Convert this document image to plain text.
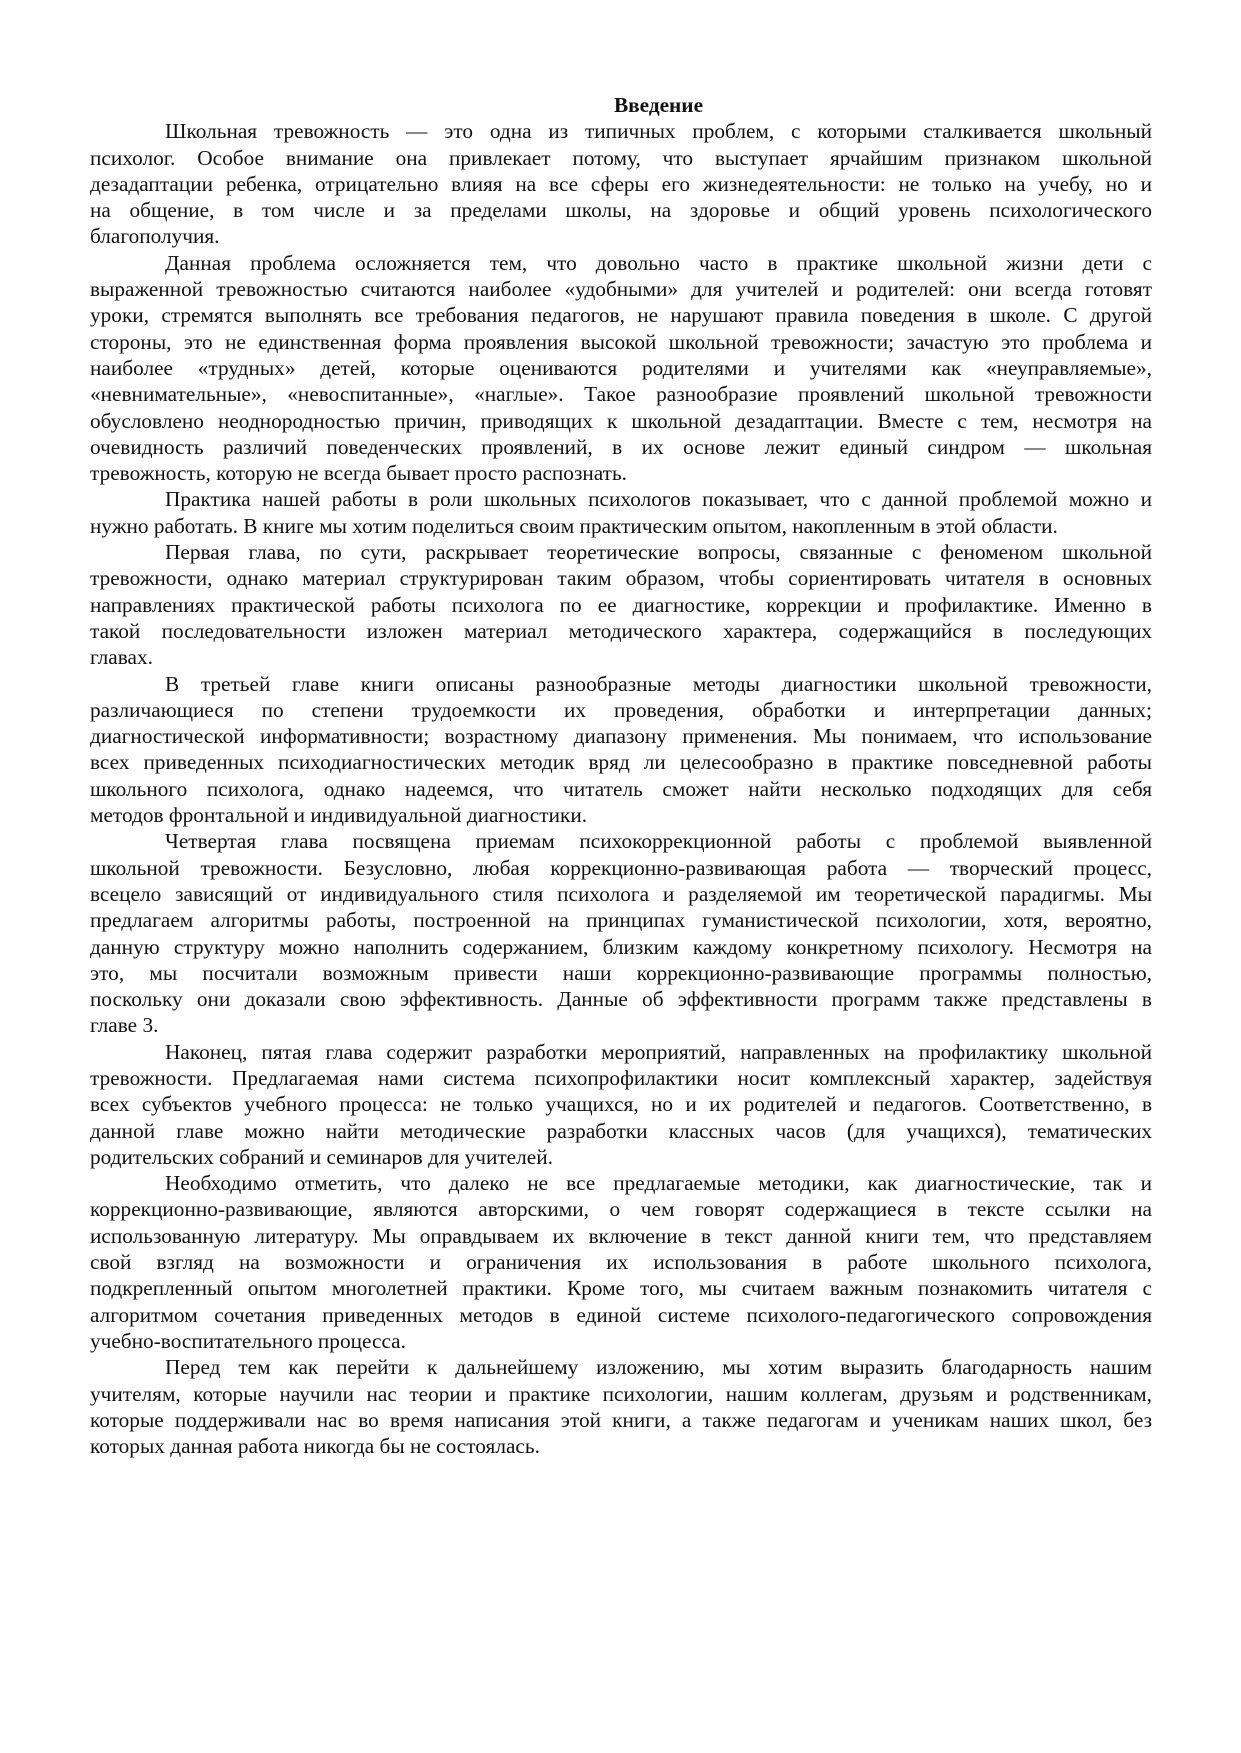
Введение
Школьная тревожность — это одна из типичных проблем, с которыми сталкивается школьный
психолог. Особое внимание она привлекает потому, что выступает ярчайшим признаком школьной
дезадаптации ребенка, отрицательно влияя на все сферы его жизнедеятельности: не только на учебу, но и
на общение, в том числе и за пределами школы, на здоровье и общий уровень психологического
благополучия.
Данная проблема осложняется тем, что довольно часто в практике школьной жизни дети с
выраженной тревожностью считаются наиболее «удобными» для учителей и родителей: они всегда готовят
уроки, стремятся выполнять все требования педагогов, не нарушают правила поведения в школе. С другой
стороны, это не единственная форма проявления высокой школьной тревожности; зачастую это проблема и
наиболее «трудных» детей, которые оцениваются родителями и учителями как «неуправляемые»,
«невнимательные», «невоспитанные», «наглые». Такое разнообразие проявлений школьной тревожности
обусловлено неоднородностью причин, приводящих к школьной дезадаптации. Вместе с тем, несмотря на
очевидность различий поведенческих проявлений, в их основе лежит единый синдром — школьная
тревожность, которую не всегда бывает просто распознать.
Практика нашей работы в роли школьных психологов показывает, что с данной проблемой можно и
нужно работать. В книге мы хотим поделиться своим практическим опытом, накопленным в этой области.
Первая глава, по сути, раскрывает теоретические вопросы, связанные с феноменом школьной
тревожности, однако материал структурирован таким образом, чтобы сориентировать читателя в основных
направлениях практической работы психолога по ее диагностике, коррекции и профилактике. Именно в
такой последовательности изложен материал методического характера, содержащийся в последующих
главах.
В третьей главе книги описаны разнообразные методы диагностики школьной тревожности,
различающиеся по степени трудоемкости их проведения, обработки и интерпретации данных;
диагностической информативности; возрастному диапазону применения. Мы понимаем, что использование
всех приведенных психодиагностических методик вряд ли целесообразно в практике повседневной работы
школьного психолога, однако надеемся, что читатель сможет найти несколько подходящих для себя
методов фронтальной и индивидуальной диагностики.
Четвертая глава посвящена приемам психокоррекционной работы с проблемой выявленной
школьной тревожности. Безусловно, любая коррекционно-развивающая работа — творческий процесс,
всецело зависящий от индивидуального стиля психолога и разделяемой им теоретической парадигмы. Мы
предлагаем алгоритмы работы, построенной на принципах гуманистической психологии, хотя, вероятно,
данную структуру можно наполнить содержанием, близким каждому конкретному психологу. Несмотря на
это, мы посчитали возможным привести наши коррекционно-развивающие программы полностью,
поскольку они доказали свою эффективность. Данные об эффективности программ также представлены в
главе 3.
Наконец, пятая глава содержит разработки мероприятий, направленных на профилактику школьной
тревожности. Предлагаемая нами система психопрофилактики носит комплексный характер, задействуя
всех субъектов учебного процесса: не только учащихся, но и их родителей и педагогов. Соответственно, в
данной главе можно найти методические разработки классных часов (для учащихся), тематических
родительских собраний и семинаров для учителей.
Необходимо отметить, что далеко не все предлагаемые методики, как диагностические, так и
коррекционно-развивающие, являются авторскими, о чем говорят содержащиеся в тексте ссылки на
использованную литературу. Мы оправдываем их включение в текст данной книги тем, что представляем
свой взгляд на возможности и ограничения их использования в работе школьного психолога,
подкрепленный опытом многолетней практики. Кроме того, мы считаем важным познакомить читателя с
алгоритмом сочетания приведенных методов в единой системе психолого-педагогического сопровождения
учебно-воспитательного процесса.
Перед тем как перейти к дальнейшему изложению, мы хотим выразить благодарность нашим
учителям, которые научили нас теории и практике психологии, нашим коллегам, друзьям и родственникам,
которые поддерживали нас во время написания этой книги, а также педагогам и ученикам наших школ, без
которых данная работа никогда бы не состоялась.
